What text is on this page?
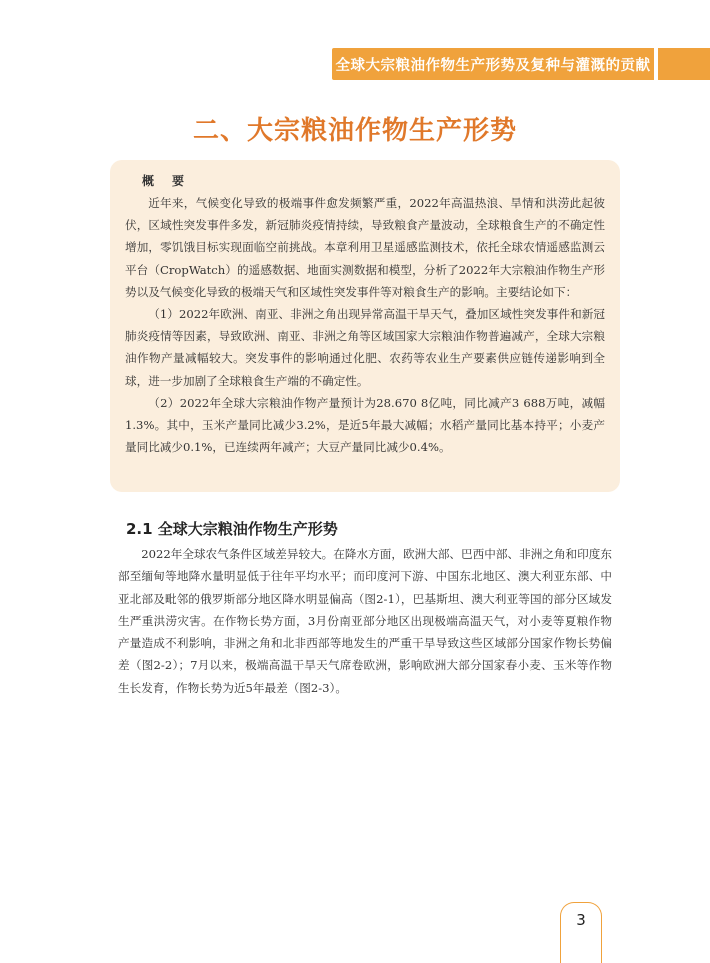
全球大宗粮油作物生产形势及复种与灌溉的贡献
二、大宗粮油作物生产形势
概　要

近年来，气候变化导致的极端事件愈发频繁严重，2022年高温热浪、旱情和洪涝此起彼伏，区域性突发事件多发，新冠肺炎疫情持续，导致粮食产量波动，全球粮食生产的不确定性增加，零饥饿目标实现面临空前挑战。本章利用卫星遥感监测技术，依托全球农情遥感监测云平台（CropWatch）的遥感数据、地面实测数据和模型，分析了2022年大宗粮油作物生产形势以及气候变化导致的极端天气和区域性突发事件等对粮食生产的影响。主要结论如下：

（1）2022年欧洲、南亚、非洲之角出现异常高温干旱天气，叠加区域性突发事件和新冠肺炎疫情等因素，导致欧洲、南亚、非洲之角等区域国家大宗粮油作物普遍减产，全球大宗粮油作物产量减幅较大。突发事件的影响通过化肥、农药等农业生产要素供应链传递影响到全球，进一步加剧了全球粮食生产端的不确定性。

（2）2022年全球大宗粮油作物产量预计为28.670 8亿吨，同比减产3 688万吨，减幅1.3%。其中，玉米产量同比减少3.2%，是近5年最大减幅；水稻产量同比基本持平；小麦产量同比减少0.1%，已连续两年减产；大豆产量同比减少0.4%。

2.1 全球大宗粮油作物生产形势

2022年全球农气条件区域差异较大。在降水方面，欧洲大部、巴西中部、非洲之角和印度东部至缅甸等地降水量明显低于往年平均水平；而印度河下游、中国东北地区、澳大利亚东部、中亚北部及毗邻的俄罗斯部分地区降水明显偏高（图2-1），巴基斯坦、澳大利亚等国的部分区域发生严重洪涝灾害。在作物长势方面，3月份南亚部分地区出现极端高温天气，对小麦等夏粮作物产量造成不利影响，非洲之角和北非西部等地发生的严重干旱导致这些区域部分国家作物长势偏差（图2-2）；7月以来，极端高温干旱天气席卷欧洲，影响欧洲大部分国家春小麦、玉米等作物生长发育，作物长势为近5年最差（图2-3）。

3
